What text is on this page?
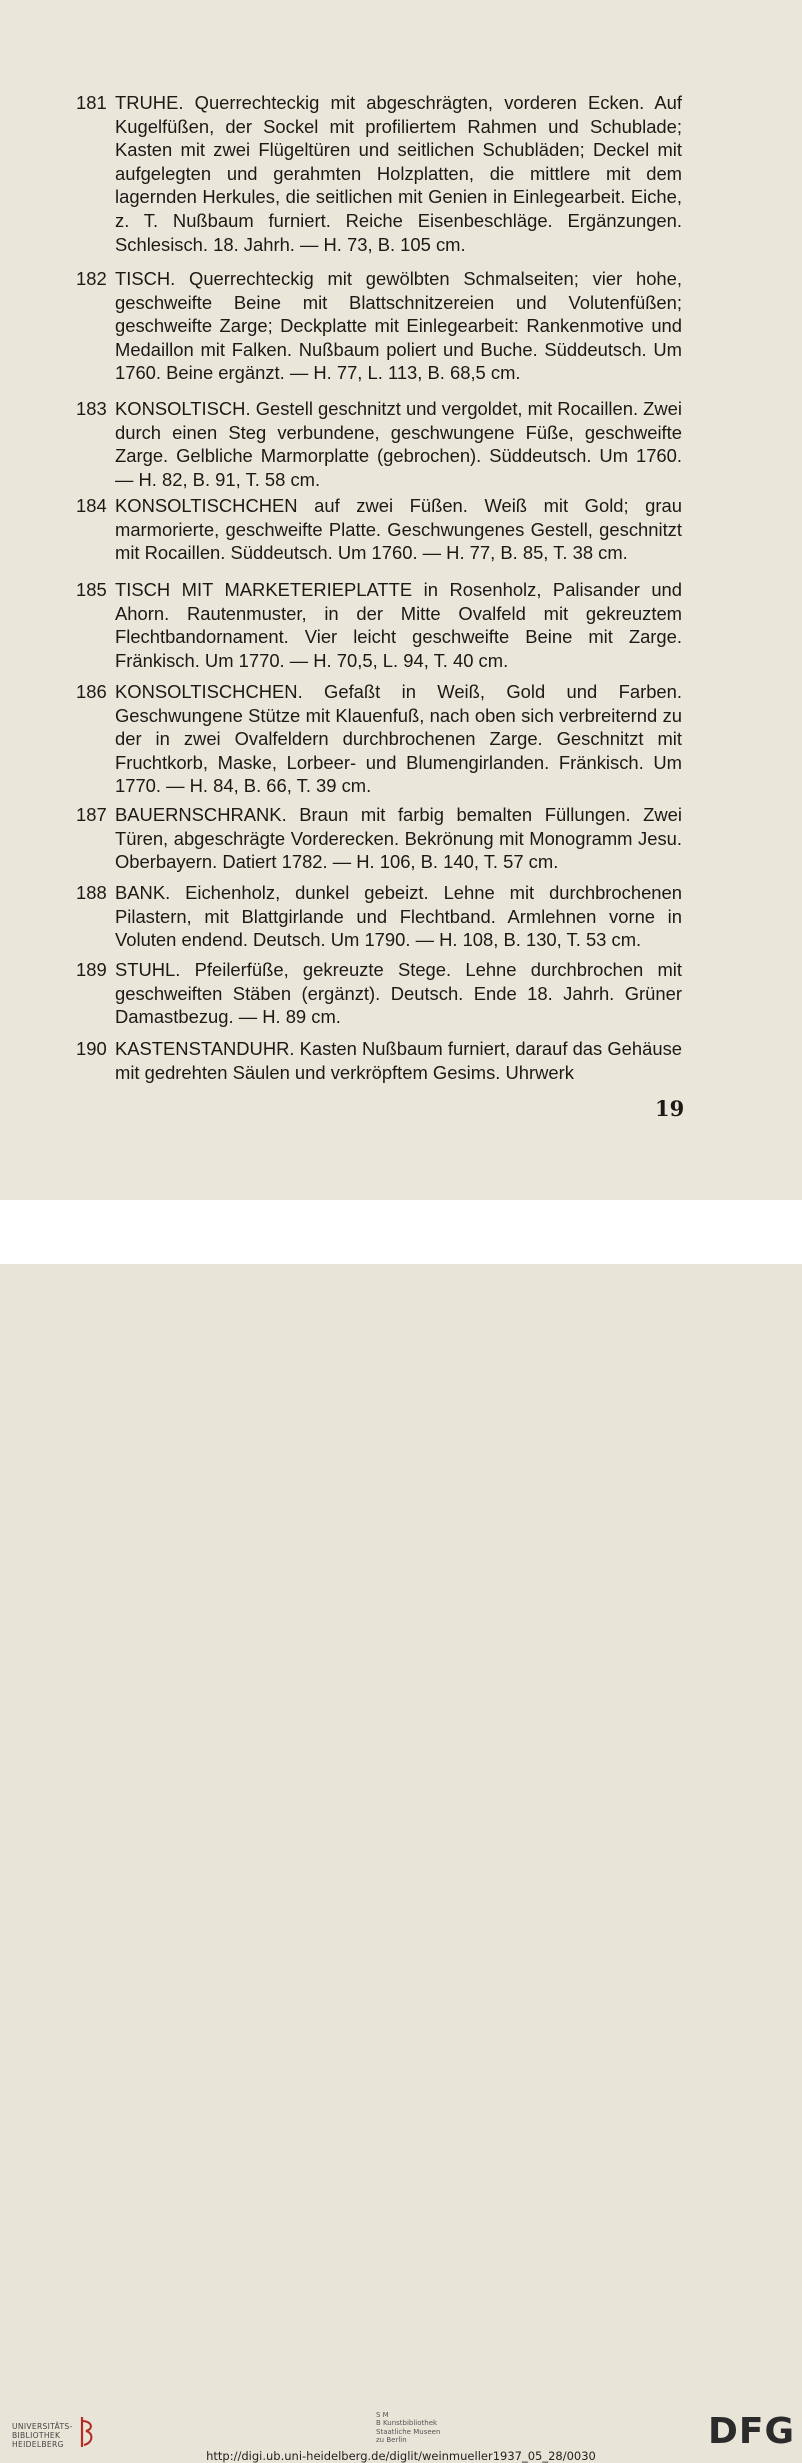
181 TRUHE. Querrechteckig mit abgeschrägten, vorderen Ecken. Auf Kugelfüßen, der Sockel mit profiliertem Rahmen und Schublade; Kasten mit zwei Flügeltüren und seitlichen Schubläden; Deckel mit aufgelegten und gerahmten Holzplatten, die mittlere mit dem lagernden Herkules, die seitlichen mit Genien in Einlegearbeit. Eiche, z. T. Nußbaum furniert. Reiche Eisenbeschläge. Ergänzungen. Schlesisch. 18. Jahrh. — H. 73, B. 105 cm.
182 TISCH. Querrechteckig mit gewölbten Schmalseiten; vier hohe, geschweifte Beine mit Blattschnitzereien und Volutenfüßen; geschweifte Zarge; Deckplatte mit Einlegearbeit: Rankenmotive und Medaillon mit Falken. Nußbaum poliert und Buche. Süddeutsch. Um 1760. Beine ergänzt. — H. 77, L. 113, B. 68,5 cm.
183 KONSOLTISCH. Gestell geschnitzt und vergoldet, mit Rocaillen. Zwei durch einen Steg verbundene, geschwungene Füße, geschweifte Zarge. Gelbliche Marmorplatte (gebrochen). Süddeutsch. Um 1760. — H. 82, B. 91, T. 58 cm.
184 KONSOLTISCHCHEN auf zwei Füßen. Weiß mit Gold; grau marmorierte, geschweifte Platte. Geschwungenes Gestell, geschnitzt mit Rocaillen. Süddeutsch. Um 1760. — H. 77, B. 85, T. 38 cm.
185 TISCH MIT MARKETERIEPLATTE in Rosenholz, Palisander und Ahorn. Rautenmuster, in der Mitte Ovalfeld mit gekreuztem Flechtbandornament. Vier leicht geschweifte Beine mit Zarge. Fränkisch. Um 1770. — H. 70,5, L. 94, T. 40 cm.
186 KONSOLTISCHCHEN. Gefaßt in Weiß, Gold und Farben. Geschwungene Stütze mit Klauenfuß, nach oben sich verbreiternd zu der in zwei Ovalfeldern durchbrochenen Zarge. Geschnitzt mit Fruchtkorb, Maske, Lorbeer- und Blumengirlanden. Fränkisch. Um 1770. — H. 84, B. 66, T. 39 cm.
187 BAUERNSCHRANK. Braun mit farbig bemalten Füllungen. Zwei Türen, abgeschrägte Vorderecken. Bekrönung mit Monogramm Jesu. Oberbayern. Datiert 1782. — H. 106, B. 140, T. 57 cm.
188 BANK. Eichenholz, dunkel gebeizt. Lehne mit durchbrochenen Pilastern, mit Blattgirlande und Flechtband. Armlehnen vorne in Voluten endend. Deutsch. Um 1790. — H. 108, B. 130, T. 53 cm.
189 STUHL. Pfeilerfüße, gekreuzte Stege. Lehne durchbrochen mit geschweiften Stäben (ergänzt). Deutsch. Ende 18. Jahrh. Grüner Damastbezug. — H. 89 cm.
190 KASTENSTANDUHR. Kasten Nußbaum furniert, darauf das Gehäuse mit gedrehten Säulen und verkröpftem Gesims. Uhrwerk
19
UNIVERSITÄTS-
BIBLIOTHEK
HEIDELBERG
S M
B Kunstbibliothek
Staatliche Museen
zu Berlin	DFG
http://digi.ub.uni-heidelberg.de/diglit/weinmueller1937_05_28/0030
